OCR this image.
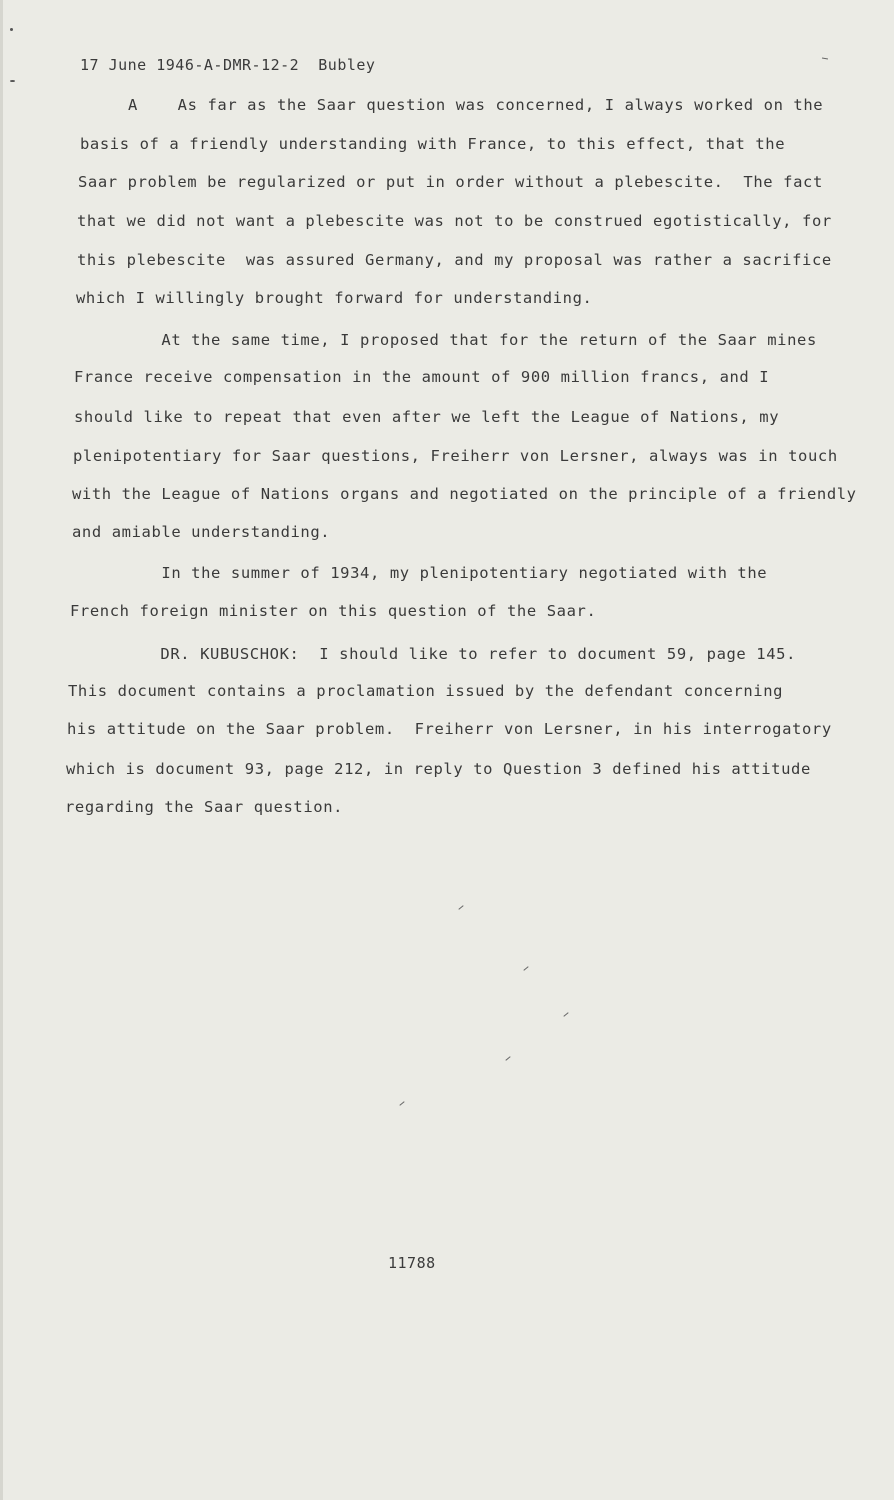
17 June 1946-A-DMR-12-2  Bubley
A    As far as the Saar question was concerned, I always worked on the
basis of a friendly understanding with France, to this effect, that the
Saar problem be regularized or put in order without a plebescite.  The fact
that we did not want a plebescite was not to be construed egotistically, for
this plebescite  was assured Germany, and my proposal was rather a sacrifice
which I willingly brought forward for understanding.
At the same time, I proposed that for the return of the Saar mines
France receive compensation in the amount of 900 million francs, and I
should like to repeat that even after we left the League of Nations, my
plenipotentiary for Saar questions, Freiherr von Lersner, always was in touch
with the League of Nations organs and negotiated on the principle of a friendly
and amiable understanding.
In the summer of 1934, my plenipotentiary negotiated with the
French foreign minister on this question of the Saar.
DR. KUBUSCHOK:  I should like to refer to document 59, page 145.
This document contains a proclamation issued by the defendant concerning
his attitude on the Saar problem.  Freiherr von Lersner, in his interrogatory
which is document 93, page 212, in reply to Question 3 defined his attitude
regarding the Saar question.
11788
